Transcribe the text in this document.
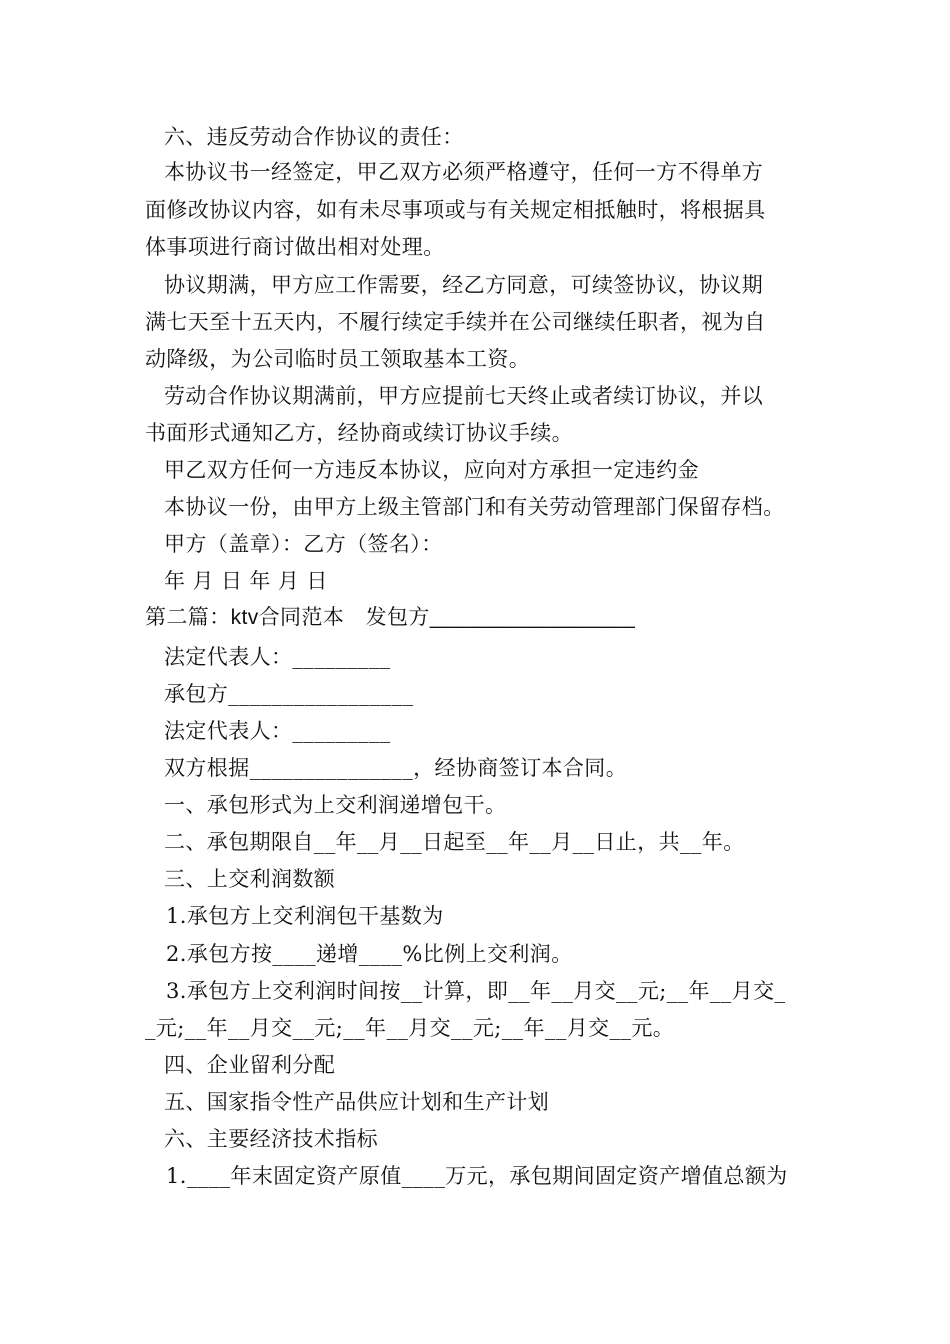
六、违反劳动合作协议的责任：
本协议书一经签定，甲乙双方必须严格遵守，任何一方不得单方
面修改协议内容，如有未尽事项或与有关规定相抵触时，将根据具
体事项进行商讨做出相对处理。
协议期满，甲方应工作需要，经乙方同意，可续签协议，协议期
满七天至十五天内，不履行续定手续并在公司继续任职者，视为自
动降级，为公司临时员工领取基本工资。
劳动合作协议期满前，甲方应提前七天终止或者续订协议，并以
书面形式通知乙方，经协商或续订协议手续。
甲乙双方任何一方违反本协议，应向对方承担一定违约金
本协议一份，由甲方上级主管部门和有关劳动管理部门保留存档。
甲方（盖章）：乙方（签名）：
年 月 日 年 月 日
第二篇：ktv合同范本　发包方_________________
法定代表人：_________
承包方_________________
法定代表人：_________
双方根据_______________，经协商签订本合同。
一、承包形式为上交利润递增包干。
二、承包期限自__年__月__日起至__年__月__日止，共__年。
三、上交利润数额
1.承包方上交利润包干基数为
2.承包方按____递增____%比例上交利润。
3.承包方上交利润时间按__计算，即__年__月交__元;__年__月交_
_元;__年__月交__元;__年__月交__元;__年__月交__元。
四、企业留利分配
五、国家指令性产品供应计划和生产计划
六、主要经济技术指标
1.____年末固定资产原值____万元，承包期间固定资产增值总额为
